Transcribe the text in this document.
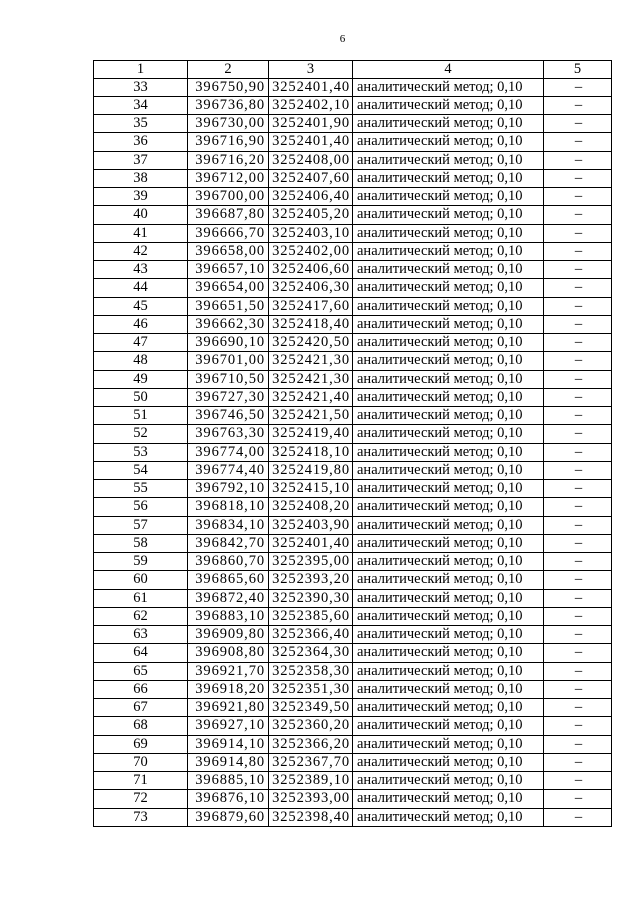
6
1	2	3	4	5
33	396750,90 3252401,40 аналитический метод; 0,10	–
34	396736,80 3252402,10 аналитический метод; 0,10	–
35	396730,00 3252401,90 аналитический метод; 0,10	–
36	396716,90 3252401,40 аналитический метод; 0,10	–
37	396716,20 3252408,00 аналитический метод; 0,10	–
38	396712,00 3252407,60 аналитический метод; 0,10	–
39	396700,00 3252406,40 аналитический метод; 0,10	–
40	396687,80 3252405,20 аналитический метод; 0,10	–
41	396666,70 3252403,10 аналитический метод; 0,10	–
42	396658,00 3252402,00 аналитический метод; 0,10	–
43	396657,10 3252406,60 аналитический метод; 0,10	–
44	396654,00 3252406,30 аналитический метод; 0,10	–
45	396651,50 3252417,60 аналитический метод; 0,10	–
46	396662,30 3252418,40 аналитический метод; 0,10	–
47	396690,10 3252420,50 аналитический метод; 0,10	–
48	396701,00 3252421,30 аналитический метод; 0,10	–
49	396710,50 3252421,30 аналитический метод; 0,10	–
50	396727,30 3252421,40 аналитический метод; 0,10	–
51	396746,50 3252421,50 аналитический метод; 0,10	–
52	396763,30 3252419,40 аналитический метод; 0,10	–
53	396774,00 3252418,10 аналитический метод; 0,10	–
54	396774,40 3252419,80 аналитический метод; 0,10	–
55	396792,10 3252415,10 аналитический метод; 0,10	–
56	396818,10 3252408,20 аналитический метод; 0,10	–
57	396834,10 3252403,90 аналитический метод; 0,10	–
58	396842,70 3252401,40 аналитический метод; 0,10	–
59	396860,70 3252395,00 аналитический метод; 0,10	–
60	396865,60 3252393,20 аналитический метод; 0,10	–
61	396872,40 3252390,30 аналитический метод; 0,10	–
62	396883,10 3252385,60 аналитический метод; 0,10	–
63	396909,80 3252366,40 аналитический метод; 0,10	–
64	396908,80 3252364,30 аналитический метод; 0,10	–
65	396921,70 3252358,30 аналитический метод; 0,10	–
66	396918,20 3252351,30 аналитический метод; 0,10	–
67	396921,80 3252349,50 аналитический метод; 0,10	–
68	396927,10 3252360,20 аналитический метод; 0,10	–
69	396914,10 3252366,20 аналитический метод; 0,10	–
70	396914,80 3252367,70 аналитический метод; 0,10	–
71	396885,10 3252389,10 аналитический метод; 0,10	–
72	396876,10 3252393,00 аналитический метод; 0,10	–
73	396879,60 3252398,40 аналитический метод; 0,10	–
